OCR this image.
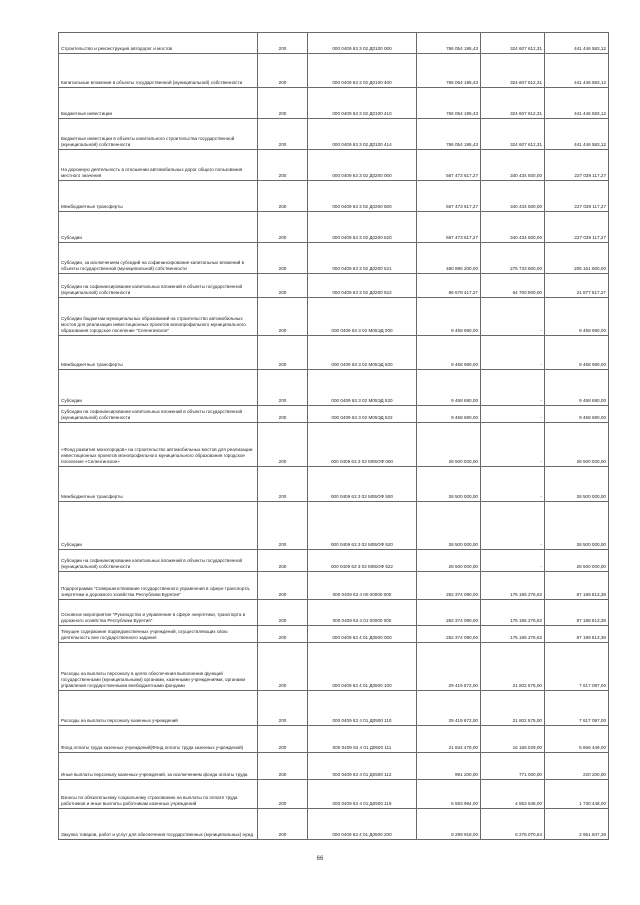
Строительство и реконструкция автодорог и мостов	200	000 0409 63 3 02 Д0100 000	766 054 195,43	324 607 612,31	441 446 583,12
Капитальные вложения в объекты государственной (муниципальной) собственности	200	000 0409 63 3 02 Д0100 400	766 054 195,43	324 607 612,31	441 446 583,12
Бюджетные инвестиции	200	000 0409 63 3 02 Д0100 410	766 054 195,43	324 607 612,31	441 446 583,12
Бюджетные инвестиции в объекты капитального строительства государственной (муниципальной) собственности	200	000 0409 63 3 02 Д0100 414	766 054 195,43	324 607 612,31	441 446 583,12
На дорожную деятельность в отношении автомобильных дорог общего пользования местного значения	200	000 0409 63 3 02 Д0200 000	567 473 617,27	340 434 500,00	227 039 117,27
Межбюджетные трансферты	200	000 0409 63 3 02 Д0200 500	567 473 617,27	340 434 500,00	227 039 117,27
Субсидии	200	000 0409 63 3 02 Д0200 520	567 473 617,27	340 434 500,00	227 039 117,27
Субсидии, за исключением субсидий на софинансирование капитальных вложений в объекты государственной (муниципальной) собственности	200	000 0409 63 3 02 Д0200 521	480 895 200,00	275 733 600,00	205 161 600,00
Субсидии на софинансирование капитальных вложений в объекты государственной (муниципальной) собственности	200	000 0409 63 3 02 Д0200 522	86 578 417,27	64 700 900,00	21 877 517,27
Субсидии бюджетам муниципальных образований на строительство автомобильных мостов для реализации инвестиционных проектов монопрофильного муниципального образования городское поселение "Селенгинское"	200	000 0409 63 3 02 М05ЭД 000	9 468 690,00	-	9 468 690,00
Межбюджетные трансферты	200	000 0409 63 3 02 М05ЭД 500	9 468 690,00	-	9 468 690,00
Субсидии	200	000 0409 63 3 02 М05ЭД 520	9 468 690,00	-	9 468 690,00
Субсидии на софинансирование капитальных вложений в объекты государственной (муниципальной) собственности	200	000 0409 63 3 02 М05ЭД 522	9 468 690,00	-	9 468 690,00
«Фонд развития моногородов» на строительство автомобильных мостов для реализации инвестиционных проектов монопрофильного муниципального образования городское поселение «Селенгинское»	200	000 0409 63 3 02 М05ОФ 000	28 500 000,00	-	28 500 000,00
Межбюджетные трансферты	200	000 0409 63 3 02 М05ОФ 500	28 500 000,00	-	28 500 000,00
Субсидии	200	000 0409 63 3 02 М05ОФ 520	28 500 000,00	-	28 500 000,00
Субсидии на софинансирование капитальных вложений в объекты государственной (муниципальной) собственности	200	000 0409 63 3 02 М05ОФ 522	28 500 000,00	-	28 500 000,00
Подпрограмма "Совершенствование государственного управления в сфере транспорта, энергетики и дорожного хозяйства Республики Бурятия"	200	000 0409 63 4 00 00000 000	262 374 090,00	175 185 276,62	87 188 813,38
Основное мероприятие "Руководство и управление в сфере энергетики, транспорта и дорожного хозяйства Республики Бурятия"	200	000 0409 63 4 01 00000 000	262 374 090,00	175 185 276,62	87 188 813,38
Текущее содержание подведомственных учреждений, осуществляющих свою деятельность вне государственного задания	200	000 0409 63 4 01 Д0500 000	262 374 090,00	175 185 276,62	87 188 813,38
Расходы на выплаты персоналу в целях обеспечения выполнения функций государственными (муниципальными) органами, казенными учреждениями, органами управления государственными внебюджетными фондами	200	000 0409 63 4 01 Д0500 100	29 419 672,00	21 802 575,00	7 617 097,00
Расходы на выплаты персоналу казенных учреждений	200	000 0409 63 4 01 Д0500 110	29 419 672,00	21 802 575,00	7 617 097,00
Фонд оплаты труда казенных учреждений(Фонд оплаты труда казенных учреждений)	200	000 0409 63 4 01 Д0500 111	21 834 478,00	16 168 029,00	5 666 449,00
Иные выплаты персоналу казенных учреждений, за исключением фонда оплаты труда	200	000 0409 63 4 01 Д0500 112	991 200,00	771 000,00	220 200,00
Взносы по обязательному социальному страхованию на выплаты по оплате труда работников и иные выплаты работникам казенных учреждений	200	000 0409 63 4 01 Д0500 119	6 593 994,00	4 863 546,00	1 730 448,00
Закупка товаров, работ и услуг для обеспечения государственных (муниципальных) нужд	200	000 0409 63 4 01 Д0500 200	9 299 918,00	6 278 070,64	2 951 847,36
66
